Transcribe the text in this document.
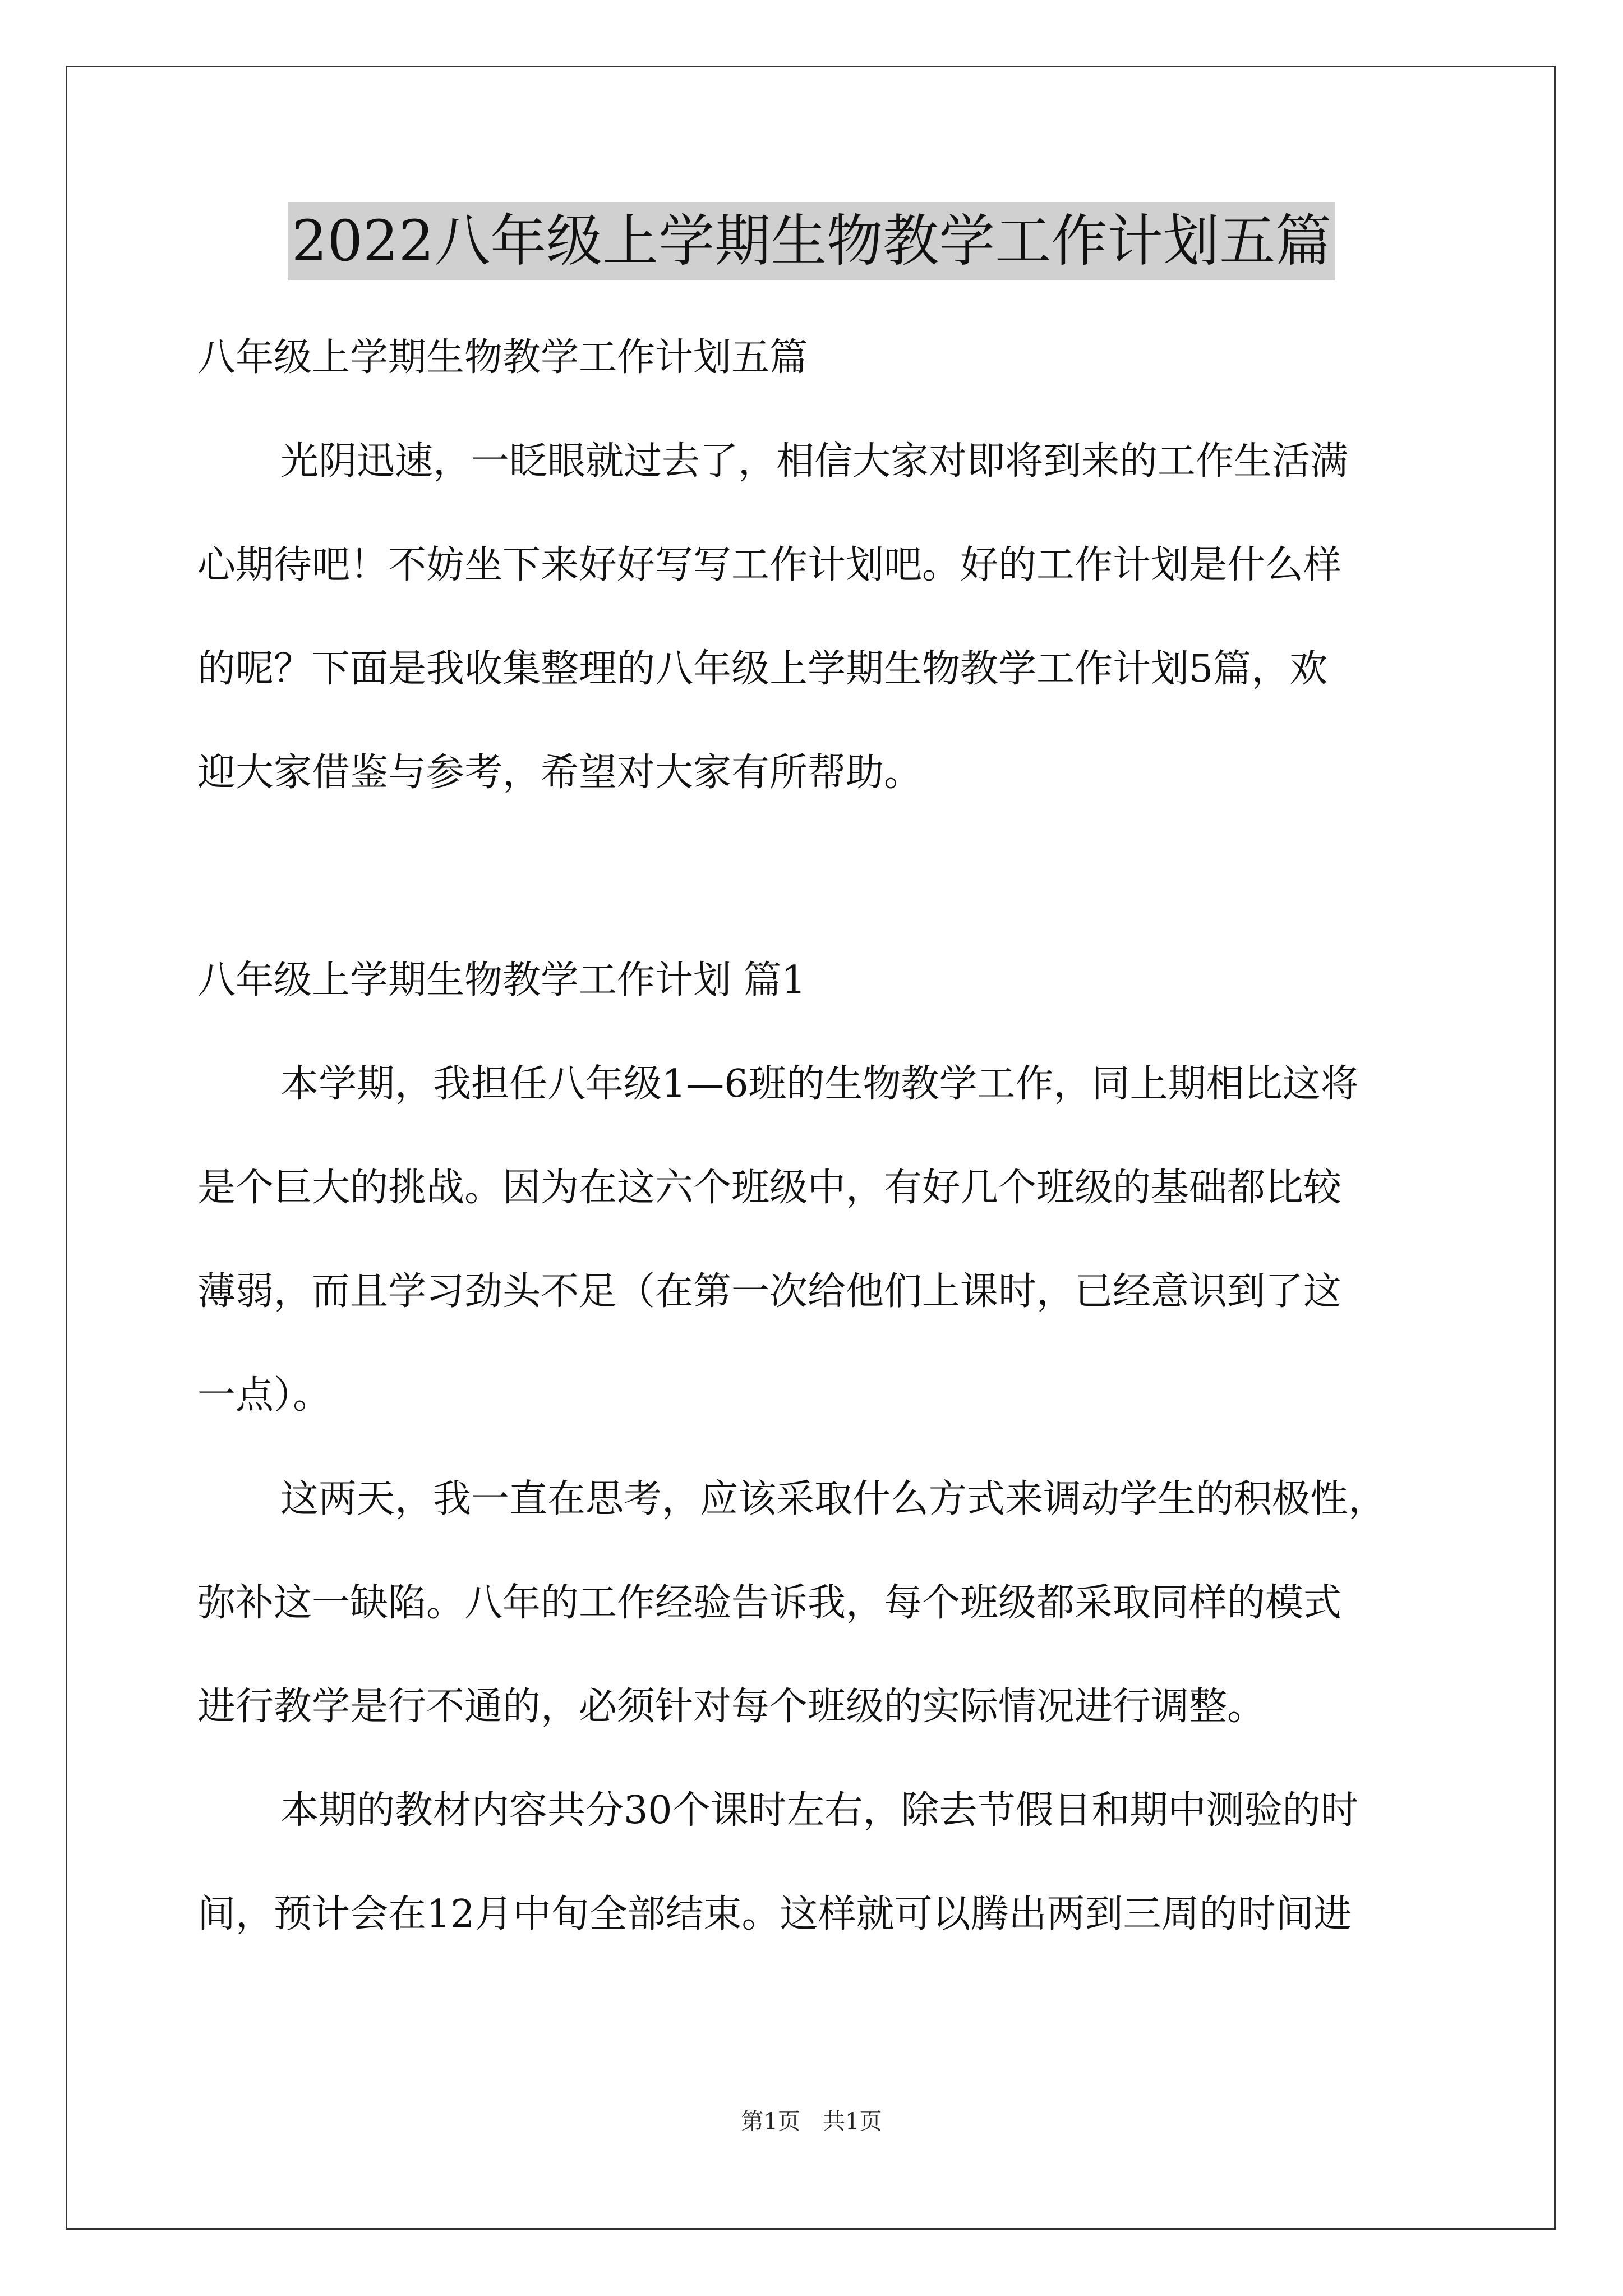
2022八年级上学期生物教学工作计划五篇
八年级上学期生物教学工作计划五篇
光阴迅速，一眨眼就过去了，相信大家对即将到来的工作生活满
心期待吧！不妨坐下来好好写写工作计划吧。好的工作计划是什么样
的呢？下面是我收集整理的八年级上学期生物教学工作计划5篇，欢
迎大家借鉴与参考，希望对大家有所帮助。
八年级上学期生物教学工作计划 篇1
本学期，我担任八年级1—6班的生物教学工作，同上期相比这将
是个巨大的挑战。因为在这六个班级中，有好几个班级的基础都比较
薄弱，而且学习劲头不足（在第一次给他们上课时，已经意识到了这
一点）。
这两天，我一直在思考，应该采取什么方式来调动学生的积极性，
弥补这一缺陷。八年的工作经验告诉我，每个班级都采取同样的模式
进行教学是行不通的，必须针对每个班级的实际情况进行调整。
本期的教材内容共分30个课时左右，除去节假日和期中测验的时
间，预计会在12月中旬全部结束。这样就可以腾出两到三周的时间进
第1页　共1页
